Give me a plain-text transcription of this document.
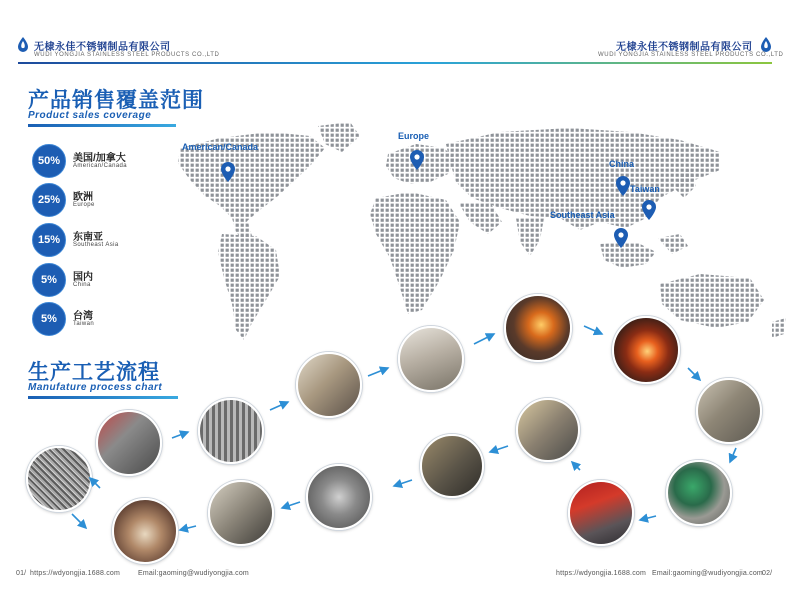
无棣永佳不锈钢制品有限公司
WUDI YONGJIA STAINLESS STEEL PRODUCTS CO.,LTD
无棣永佳不锈钢制品有限公司
WUDI YONGJIA STAINLESS STEEL PRODUCTS CO.,LTD
产品销售覆盖范围
Product sales coverage
50%	美国/加拿大
American/Canada
25%	欧洲
Europe
15%	东南亚
Southeast Asia
5%	国内
China
5%	台湾
Taiwan
American/Canada
Europe
China
Taiwan
Southeast Asia
生产工艺流程
Manufature process chart
01/ https://wdyongjia.1688.com	Email:gaoming@wudiyongjia.com	https://wdyongjia.1688.com Email:gaoming@wudiyongjia.com 02/
